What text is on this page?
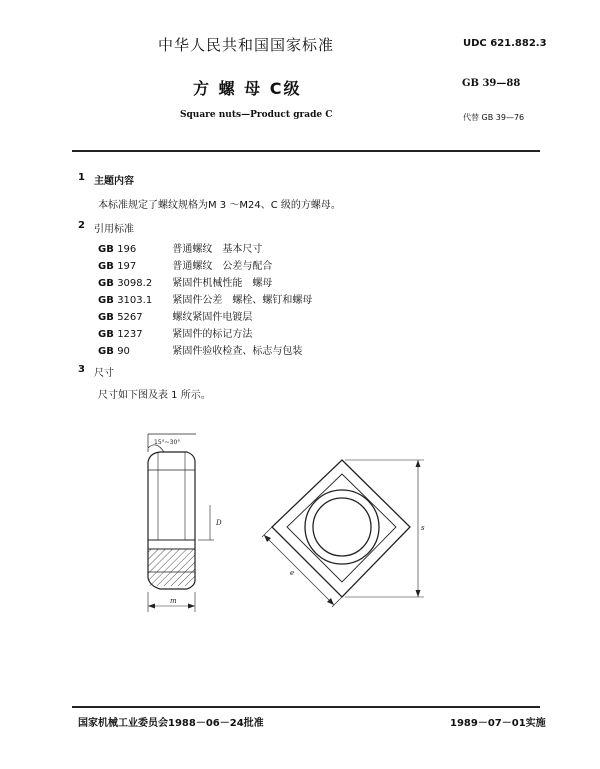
中华人民共和国国家标准	UDC 621.882.3
方 螺 母 C级	GB 39—88
Square nuts—Product grade C	代替 GB 39—76
1 主题内容
本标准规定了螺纹规格为M 3 ～M24、C 级的方螺母。
2 引用标准
GB 196	普通螺纹　基本尺寸
GB 197	普通螺纹　公差与配合
GB 3098.2 紧固件机械性能　螺母
GB 3103.1 紧固件公差　螺栓、螺钉和螺母
GB 5267	螺纹紧固件电镀层
GB 1237	紧固件的标记方法
GB 90	紧固件验收检查、标志与包装
3 尺寸
尺寸如下图及表 1 所示。
15°~30°
m
D
s
e
国家机械工业委员会1988－06－24批准	1989－07－01实施
